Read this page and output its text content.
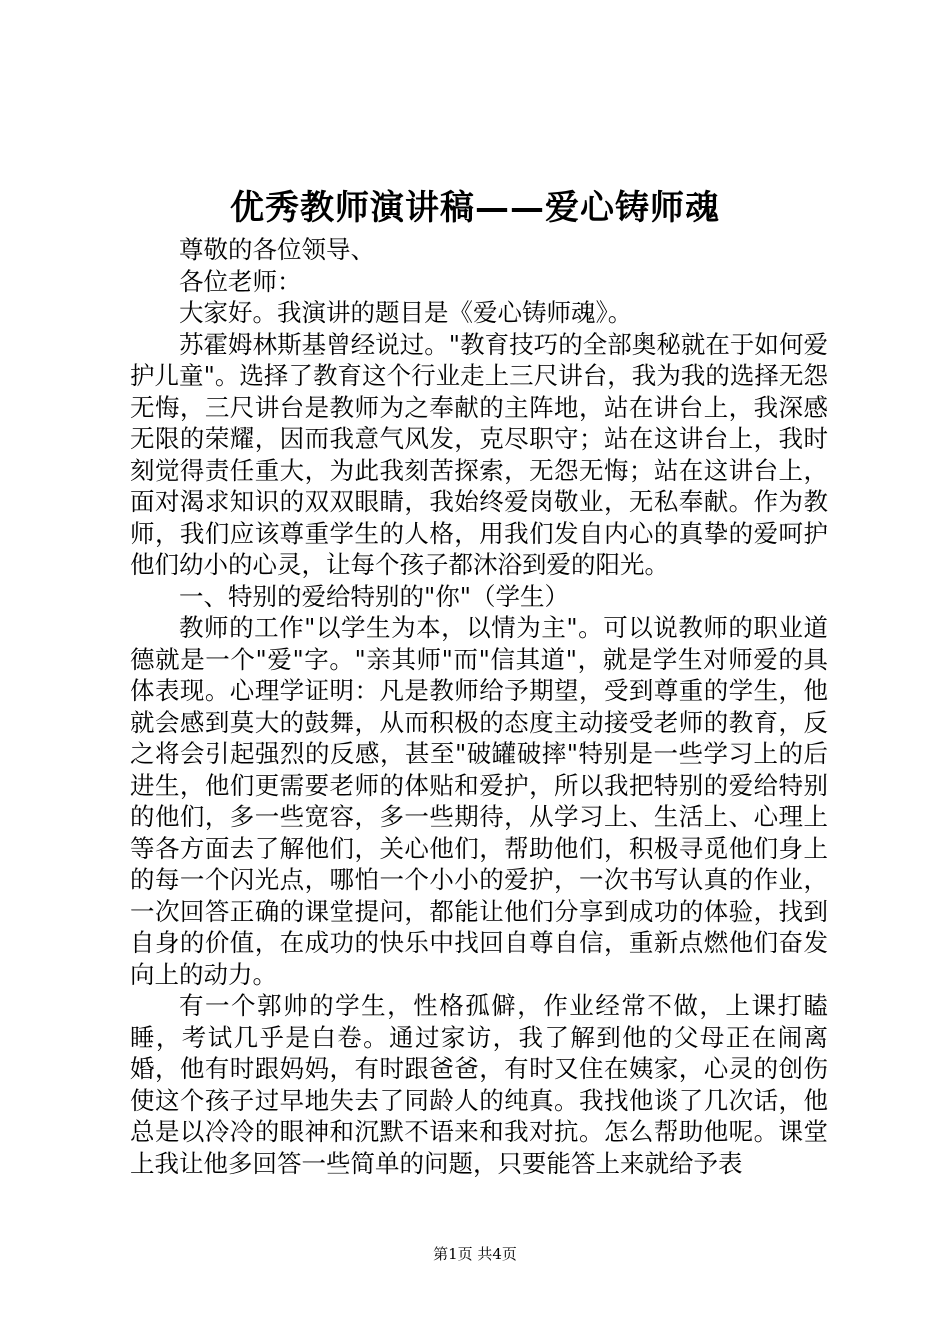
优秀教师演讲稿——爱心铸师魂

尊敬的各位领导、

各位老师：

大家好。我演讲的题目是《爱心铸师魂》。

苏霍姆林斯基曾经说过。"教育技巧的全部奥秘就在于如何爱护儿童"。选择了教育这个行业走上三尺讲台，我为我的选择无怨无悔，三尺讲台是教师为之奉献的主阵地，站在讲台上，我深感无限的荣耀，因而我意气风发，克尽职守；站在这讲台上，我时刻觉得责任重大，为此我刻苦探索，无怨无悔；站在这讲台上，面对渴求知识的双双眼睛，我始终爱岗敬业，无私奉献。作为教师，我们应该尊重学生的人格，用我们发自内心的真挚的爱呵护他们幼小的心灵，让每个孩子都沐浴到爱的阳光。

一、特别的爱给特别的"你"（学生）

教师的工作"以学生为本，以情为主"。可以说教师的职业道德就是一个"爱"字。"亲其师"而"信其道"，就是学生对师爱的具体表现。心理学证明：凡是教师给予期望，受到尊重的学生，他就会感到莫大的鼓舞，从而积极的态度主动接受老师的教育，反之将会引起强烈的反感，甚至"破罐破摔"特别是一些学习上的后进生，他们更需要老师的体贴和爱护，所以我把特别的爱给特别的他们，多一些宽容，多一些期待，从学习上、生活上、心理上等各方面去了解他们，关心他们，帮助他们，积极寻觅他们身上的每一个闪光点，哪怕一个小小的爱护，一次书写认真的作业，一次回答正确的课堂提问，都能让他们分享到成功的体验，找到自身的价值，在成功的快乐中找回自尊自信，重新点燃他们奋发向上的动力。

有一个郭帅的学生，性格孤僻，作业经常不做，上课打瞌睡，考试几乎是白卷。通过家访，我了解到他的父母正在闹离婚，他有时跟妈妈，有时跟爸爸，有时又住在姨家，心灵的创伤使这个孩子过早地失去了同龄人的纯真。我找他谈了几次话，他总是以冷冷的眼神和沉默不语来和我对抗。怎么帮助他呢。课堂上我让他多回答一些简单的问题，只要能答上来就给予表

第1页 共4页
